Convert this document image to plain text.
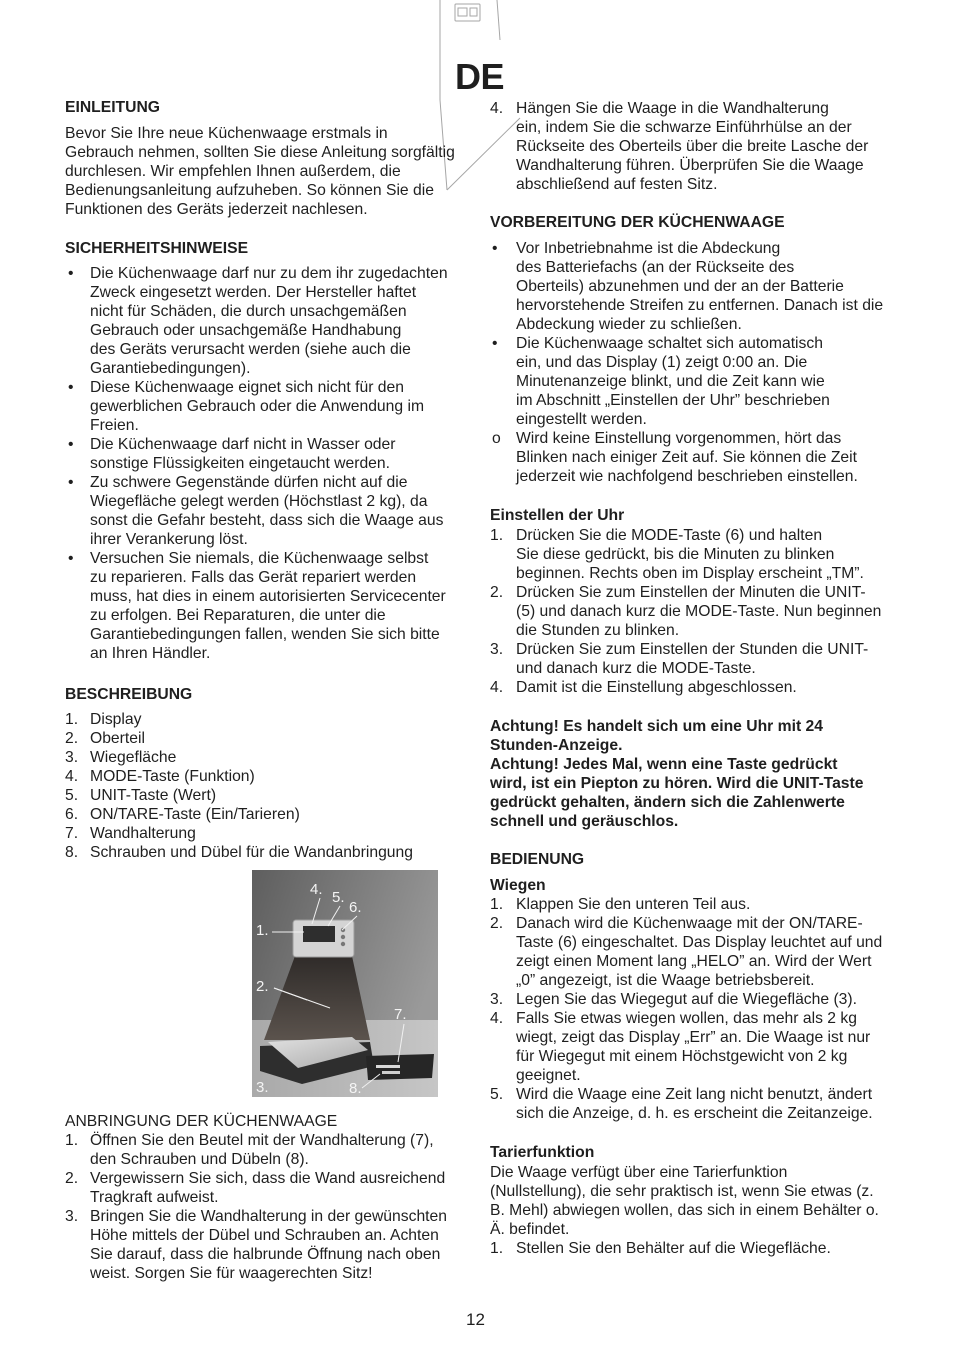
DE
EINLEITUNG
Bevor Sie Ihre neue Küchenwaage erstmals in
Gebrauch nehmen, sollten Sie diese Anleitung sorgfältig
durchlesen. Wir empfehlen Ihnen außerdem, die
Bedienungsanleitung aufzuheben. So können Sie die
Funktionen des Geräts jederzeit nachlesen.
SICHERHEITSHINWEISE
•	Die Küchenwaage darf nur zu dem ihr zugedachten
Zweck eingesetzt werden. Der Hersteller haftet
nicht für Schäden, die durch unsachgemäßen
Gebrauch oder unsachgemäße Handhabung
des Geräts verursacht werden (siehe auch die
Garantiebedingungen).
•	Diese Küchenwaage eignet sich nicht für den
gewerblichen Gebrauch oder die Anwendung im
Freien.
•	Die Küchenwaage darf nicht in Wasser oder
sonstige Flüssigkeiten eingetaucht werden.
•	Zu schwere Gegenstände dürfen nicht auf die
Wiegefläche gelegt werden (Höchstlast 2 kg), da
sonst die Gefahr besteht, dass sich die Waage aus
ihrer Verankerung löst.
•	Versuchen Sie niemals, die Küchenwaage selbst
zu reparieren. Falls das Gerät repariert werden
muss, hat dies in einem autorisierten Servicecenter
zu erfolgen. Bei Reparaturen, die unter die
Garantiebedingungen fallen, wenden Sie sich bitte
an Ihren Händler.
BESCHREIBUNG
1. Display
2. Oberteil
3. Wiegefläche
4. MODE-Taste (Funktion)
5. UNIT-Taste (Wert)
6. ON/TARE-Taste (Ein/Tarieren)
7. Wandhalterung
8. Schrauben und Dübel für die Wandanbringung
1.
2.
3.
4. 5.
6.
7.
8.
ANBRINGUNG DER KÜCHENWAAGE
1. Öffnen Sie den Beutel mit der Wandhalterung (7),
den Schrauben und Dübeln (8).
2. Vergewissern Sie sich, dass die Wand ausreichend
Tragkraft aufweist.
3. Bringen Sie die Wandhalterung in der gewünschten
Höhe mittels der Dübel und Schrauben an. Achten
Sie darauf, dass die halbrunde Öffnung nach oben
weist. Sorgen Sie für waagerechten Sitz!
4. Hängen Sie die Waage in die Wandhalterung
ein, indem Sie die schwarze Einführhülse an der
Rückseite des Oberteils über die breite Lasche der
Wandhalterung führen. Überprüfen Sie die Waage
abschließend auf festen Sitz.
VORBEREITUNG DER KÜCHENWAAGE
•	Vor Inbetriebnahme ist die Abdeckung
des Batteriefachs (an der Rückseite des
Oberteils) abzunehmen und der an der Batterie
hervorstehende Streifen zu entfernen. Danach ist die
Abdeckung wieder zu schließen.
•	Die Küchenwaage schaltet sich automatisch
ein, und das Display (1) zeigt 0:00 an. Die
Minutenanzeige blinkt, und die Zeit kann wie
im Abschnitt „Einstellen der Uhr” beschrieben
eingestellt werden.
o Wird keine Einstellung vorgenommen, hört das
Blinken nach einiger Zeit auf. Sie können die Zeit
jederzeit wie nachfolgend beschrieben einstellen.
Einstellen der Uhr
1. Drücken Sie die MODE-Taste (6) und halten
Sie diese gedrückt, bis die Minuten zu blinken
beginnen. Rechts oben im Display erscheint „TM”.
2. Drücken Sie zum Einstellen der Minuten die UNIT-
(5) und danach kurz die MODE-Taste. Nun beginnen
die Stunden zu blinken.
3. Drücken Sie zum Einstellen der Stunden die UNIT-
und danach kurz die MODE-Taste.
4. Damit ist die Einstellung abgeschlossen.
Achtung! Es handelt sich um eine Uhr mit 24
Stunden-Anzeige.
Achtung! Jedes Mal, wenn eine Taste gedrückt
wird, ist ein Piepton zu hören. Wird die UNIT-Taste
gedrückt gehalten, ändern sich die Zahlenwerte
schnell und geräuschlos.
BEDIENUNG
Wiegen
1. Klappen Sie den unteren Teil aus.
2. Danach wird die Küchenwaage mit der ON/TARE-
Taste (6) eingeschaltet. Das Display leuchtet auf und
zeigt einen Moment lang „HELO” an. Wird der Wert
„0” angezeigt, ist die Waage betriebsbereit.
3. Legen Sie das Wiegegut auf die Wiegefläche (3).
4. Falls Sie etwas wiegen wollen, das mehr als 2 kg
wiegt, zeigt das Display „Err” an. Die Waage ist nur
für Wiegegut mit einem Höchstgewicht von 2 kg
geeignet.
5. Wird die Waage eine Zeit lang nicht benutzt, ändert
sich die Anzeige, d. h. es erscheint die Zeitanzeige.
Tarierfunktion
Die Waage verfügt über eine Tarierfunktion
(Nullstellung), die sehr praktisch ist, wenn Sie etwas (z.
B. Mehl) abwiegen wollen, das sich in einem Behälter o.
Ä. befindet.
1. Stellen Sie den Behälter auf die Wiegefläche.
12
